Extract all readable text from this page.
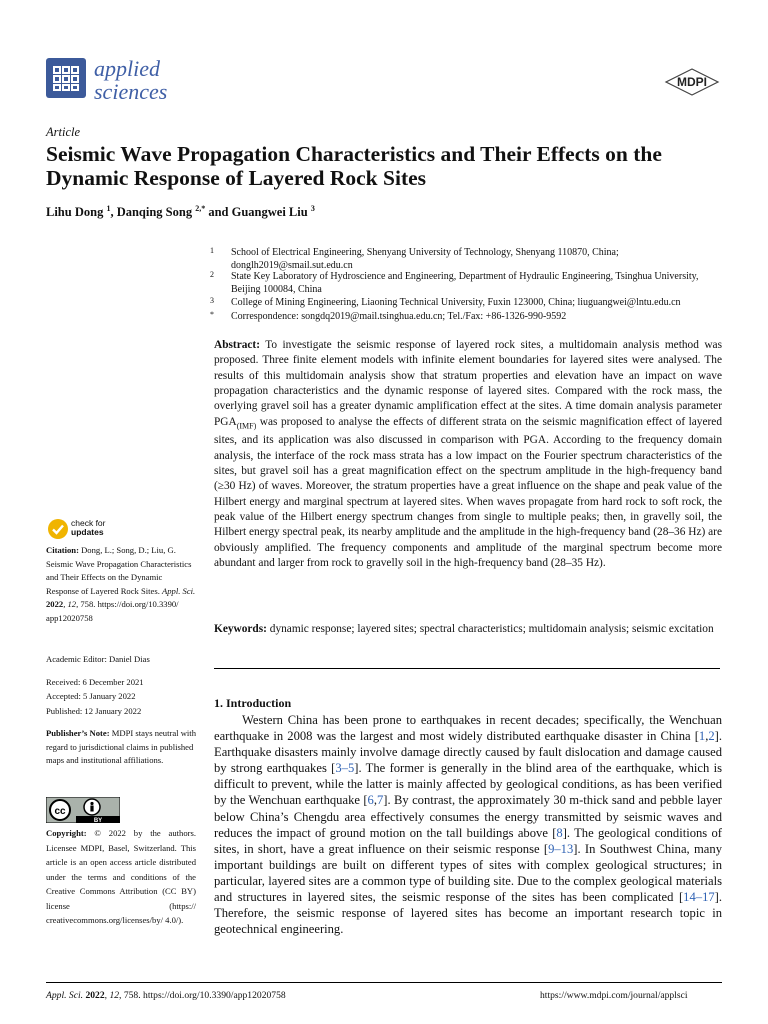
applied
sciences	MDPI
Article
Seismic Wave Propagation Characteristics and Their Effects on the Dynamic Response of Layered Rock Sites
Lihu Dong $^1$, Danqing Song $^{2,*}$ and Guangwei Liu $^3$
1	School of Electrical Engineering, Shenyang University of Technology, Shenyang 110870, China; donglh2019@smail.sut.edu.cn
2	State Key Laboratory of Hydroscience and Engineering, Department of Hydraulic Engineering, Tsinghua University, Beijing 100084, China
3	College of Mining Engineering, Liaoning Technical University, Fuxin 123000, China; liuguangwei@lntu.edu.cn
*	Correspondence: songdq2019@mail.tsinghua.edu.cn; Tel./Fax: +86-1326-990-9592
Abstract: To investigate the seismic response of layered rock sites, a multidomain analysis method was proposed. Three finite element models with infinite element boundaries for layered sites were analysed. The results of this multidomain analysis show that stratum properties and elevation have an impact on wave propagation characteristics and the dynamic response of layered sites. Compared with the rock mass, the overlying gravel soil has a greater dynamic amplification effect at the sites. A time domain analysis parameter $PGA_{(IMF)}$ was proposed to analyse the effects of different strata on the seismic magnification effect of layered sites, and its application was also discussed in comparison with PGA. According to the frequency domain analysis, the interface of the rock mass strata has a low impact on the Fourier spectrum characteristics of the sites, but gravel soil has a great magnification effect on the spectrum amplitude in the high-frequency band (≥30 Hz) of waves. Moreover, the stratum properties have a great influence on the shape and peak value of the Hilbert energy and marginal spectrum at layered sites. When waves propagate from hard rock to soft rock, the peak value of the Hilbert energy spectrum changes from single to multiple peaks; then, in gravelly soil, the Hilbert energy spectral peak, its nearby amplitude and the amplitude in the high-frequency band (28–36 Hz) are obviously amplified. The frequency components and amplitude of the marginal spectrum become more abundant and larger from rock to gravelly soil in the high-frequency band (28–35 Hz).
Keywords: dynamic response; layered sites; spectral characteristics; multidomain analysis; seismic excitation
1. Introduction
Western China has been prone to earthquakes in recent decades; specifically, the Wenchuan earthquake in 2008 was the largest and most widely distributed earthquake disaster in China [1,2]. Earthquake disasters mainly involve damage directly caused by fault dislocation and damage caused by strong earthquakes [3–5]. The former is generally in the blind area of the earthquake, which is difficult to prevent, while the latter is mainly affected by geological conditions, as has been verified by the Wenchuan earthquake [6,7]. By contrast, the approximately 30 m-thick sand and pebble layer below China’s Chengdu area effectively consumes the energy transmitted by seismic waves and reduces the impact of ground motion on the tall buildings above [8]. The geological conditions of sites, in short, have a great influence on their seismic response [9–13]. In Southwest China, many important buildings are built on different types of sites with complex geological structures; in particular, layered sites are a common type of building site. Due to the complex geological materials and structures in layered sites, the seismic response of the sites has been complicated [14–17]. Therefore, the seismic response of layered sites has become an important research topic in geotechnical engineering.
check for
updates
Citation: Dong, L.; Song, D.; Liu, G. Seismic Wave Propagation Characteristics and Their Effects on the Dynamic Response of Layered Rock Sites. Appl. Sci. 2022, 12, 758. https://doi.org/10.3390/ app12020758
Academic Editor: Daniel Dias
Received: 6 December 2021
Accepted: 5 January 2022
Published: 12 January 2022
Publisher’s Note: MDPI stays neutral with regard to jurisdictional claims in published maps and institutional affiliations.
cc
BY
Copyright: © 2022 by the authors. Licensee MDPI, Basel, Switzerland. This article is an open access article distributed under the terms and conditions of the Creative Commons Attribution (CC BY) license (https:// creativecommons.org/licenses/by/ 4.0/).
Appl. Sci. 2022, 12, 758. https://doi.org/10.3390/app12020758	https://www.mdpi.com/journal/applsci
